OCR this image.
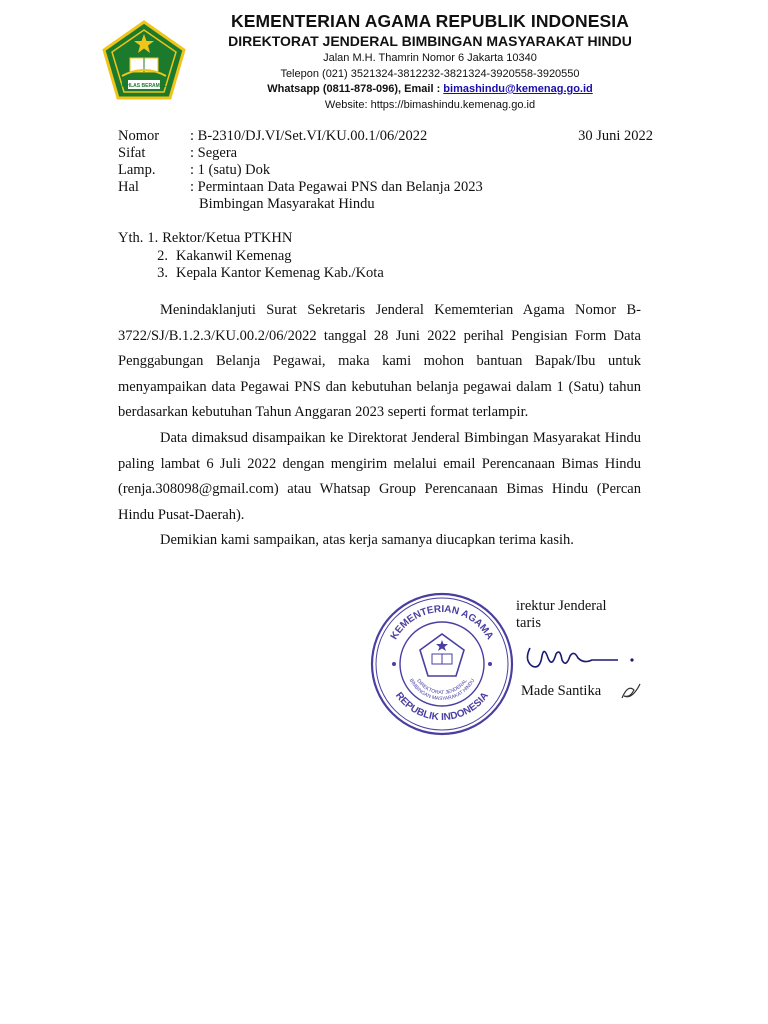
IKHLAS BERAMAL
KEMENTERIAN AGAMA REPUBLIK INDONESIA
DIREKTORAT JENDERAL BIMBINGAN MASYARAKAT HINDU
Jalan M.H. Thamrin Nomor 6 Jakarta 10340
Telepon (021) 3521324-3812232-3821324-3920558-3920550
Whatsapp (0811-878-096), Email : bimashindu@kemenag.go.id
Website: https://bimashindu.kemenag.go.id
30 Juni 2022
Nomor	: B-2310/DJ.VI/Set.VI/KU.00.1/06/2022
Sifat	: Segera
Lamp.	: 1 (satu) Dok
Hal	: Permintaan Data Pegawai PNS dan Belanja 2023
Bimbingan Masyarakat Hindu
Yth. 1. Rektor/Ketua PTKHN
2. Kakanwil Kemenag
3. Kepala Kantor Kemenag Kab./Kota

Menindaklanjuti Surat Sekretaris Jenderal Kememterian Agama Nomor B-3722/SJ/B.1.2.3/KU.00.2/06/2022 tanggal 28 Juni 2022 perihal Pengisian Form Data Penggabungan Belanja Pegawai, maka kami mohon bantuan Bapak/Ibu untuk menyampaikan data Pegawai PNS dan kebutuhan belanja pegawai dalam 1 (Satu) tahun berdasarkan kebutuhan Tahun Anggaran 2023 seperti format terlampir.

Data dimaksud disampaikan ke Direktorat Jenderal Bimbingan Masyarakat Hindu paling lambat 6 Juli 2022 dengan mengirim melalui email Perencanaan Bimas Hindu (renja.308098@gmail.com) atau Whatsap Group Perencanaan Bimas Hindu (Percan Hindu Pusat-Daerah).

Demikian kami sampaikan, atas kerja samanya diucapkan terima kasih.

irektur Jenderal
taris
Made Santika
KEMENTERIAN AGAMA
REPUBLIK INDONESIA
DIREKTORAT JENDERAL
BIMBINGAN MASYARAKAT HINDU
